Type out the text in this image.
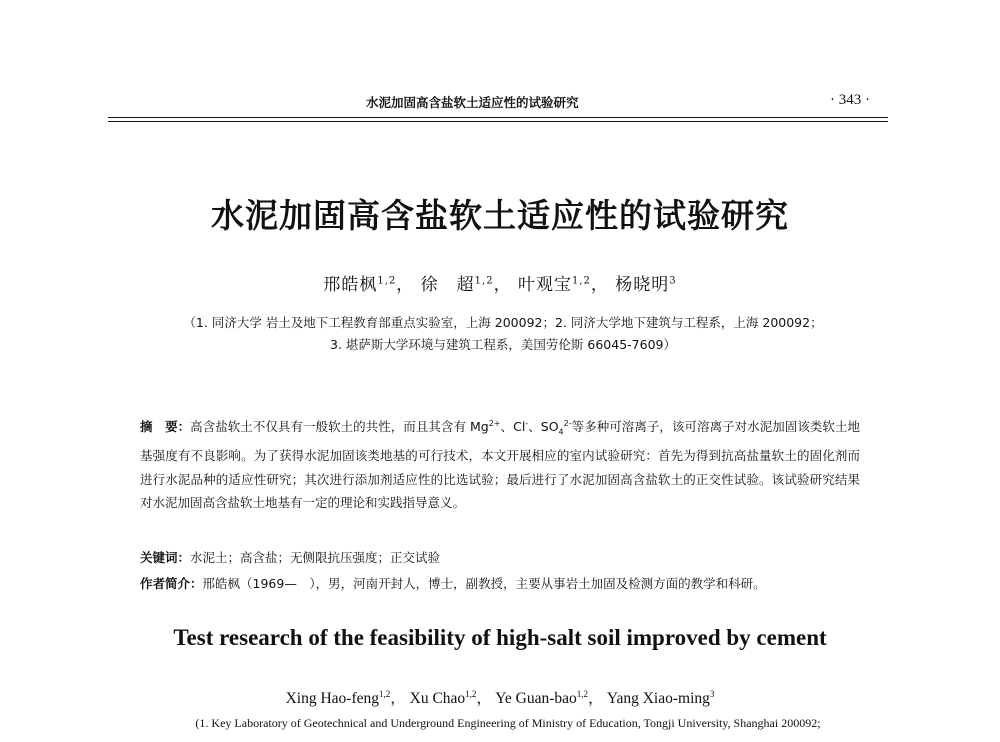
水泥加固高含盐软土适应性的试验研究	· 343 ·
水泥加固高含盐软土适应性的试验研究
邢皓枫$^{1,2}$， 徐　超$^{1,2}$， 叶观宝$^{1,2}$， 杨晓明$^3$
（1. 同济大学 岩土及地下工程教育部重点实验室，上海 200092；2. 同济大学地下建筑与工程系，上海 200092；
3. 堪萨斯大学环境与建筑工程系，美国劳伦斯 66045-7609）
摘　要：高含盐软土不仅具有一般软土的共性，而且其含有 $Mg^{2+}$、Cl-、$SO_4^{2-}$等多种可溶离子，该可溶离子对水泥加固该类软土地基强度有不良影响。为了获得水泥加固该类地基的可行技术，本文开展相应的室内试验研究：首先为得到抗高盐量软土的固化剂而进行水泥品种的适应性研究；其次进行添加剂适应性的比选试验；最后进行了水泥加固高含盐软土的正交性试验。该试验研究结果对水泥加固高含盐软土地基有一定的理论和实践指导意义。
关键词：水泥土；高含盐；无侧限抗压强度；正交试验
作者简介：邢皓枫（1969—　），男，河南开封人，博士，副教授，主要从事岩土加固及检测方面的教学和科研。
Test research of the feasibility of high-salt soil improved by cement
Xing Hao-feng$^{1,2}$， Xu Chao$^{1,2}$， Ye Guan-bao$^{1,2}$， Yang Xiao-ming$^3$
(1. Key Laboratory of Geotechnical and Underground Engineering of Ministry of Education, Tongji University, Shanghai 200092;
